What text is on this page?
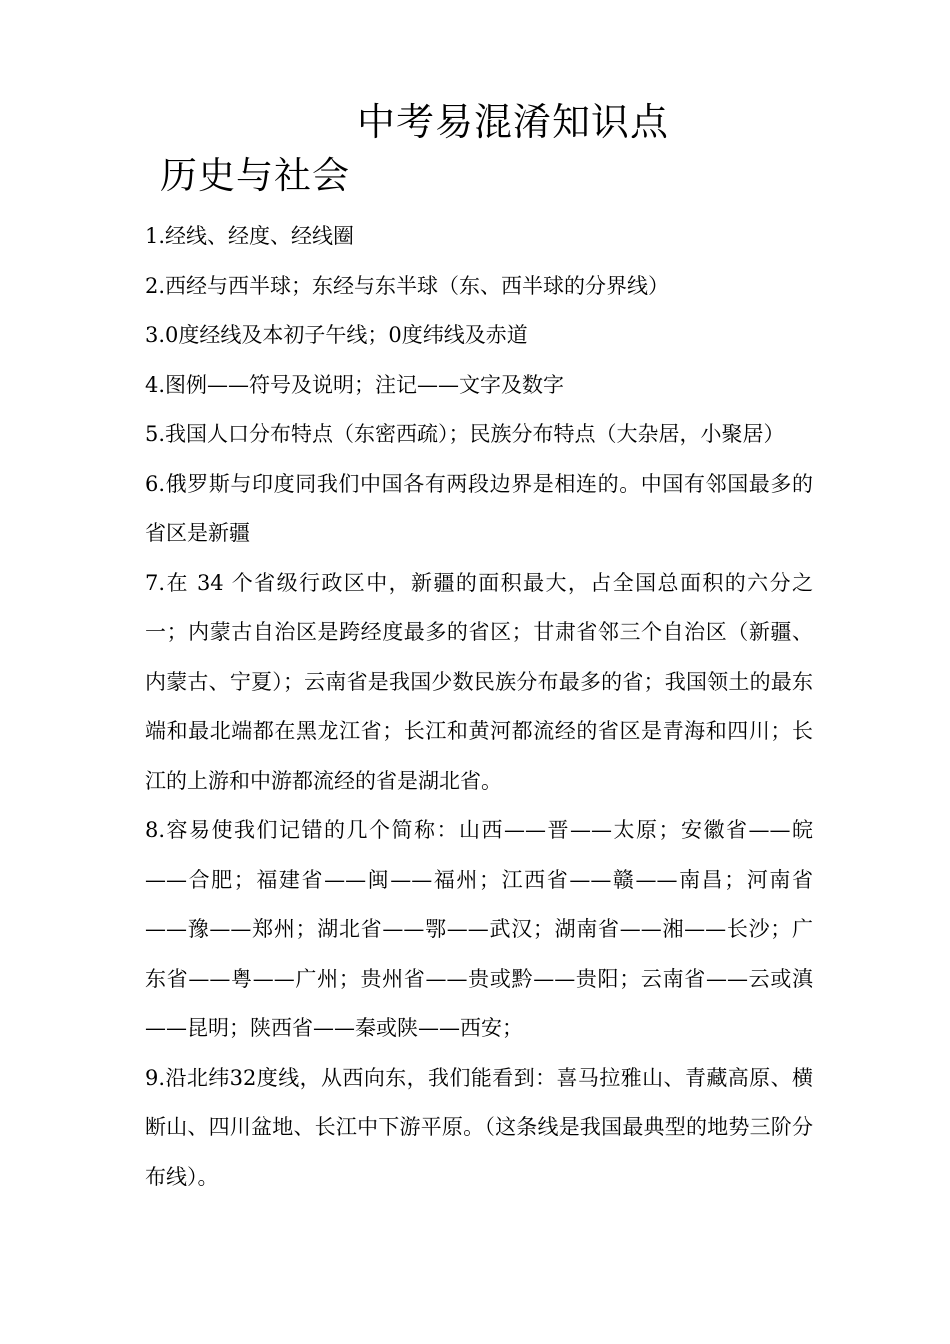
中考易混淆知识点
历史与社会

1.经线、经度、经线圈

2.西经与西半球；东经与东半球（东、西半球的分界线）

3.0度经线及本初子午线；0度纬线及赤道

4.图例——符号及说明；注记——文字及数字

5.我国人口分布特点（东密西疏）；民族分布特点（大杂居，小聚居）

6.俄罗斯与印度同我们中国各有两段边界是相连的。中国有邻国最多的省区是新疆

7.在 34 个省级行政区中，新疆的面积最大，占全国总面积的六分之一；内蒙古自治区是跨经度最多的省区；甘肃省邻三个自治区（新疆、内蒙古、宁夏）；云南省是我国少数民族分布最多的省；我国领土的最东端和最北端都在黑龙江省；长江和黄河都流经的省区是青海和四川；长江的上游和中游都流经的省是湖北省。

8.容易使我们记错的几个简称：山西——晋——太原；安徽省——皖——合肥；福建省——闽——福州；江西省——赣——南昌；河南省——豫——郑州；湖北省——鄂——武汉；湖南省——湘——长沙；广东省——粤——广州；贵州省——贵或黔——贵阳；云南省——云或滇——昆明；陕西省——秦或陕——西安；

9.沿北纬32度线，从西向东，我们能看到：喜马拉雅山、青藏高原、横断山、四川盆地、长江中下游平原。（这条线是我国最典型的地势三阶分布线）。
